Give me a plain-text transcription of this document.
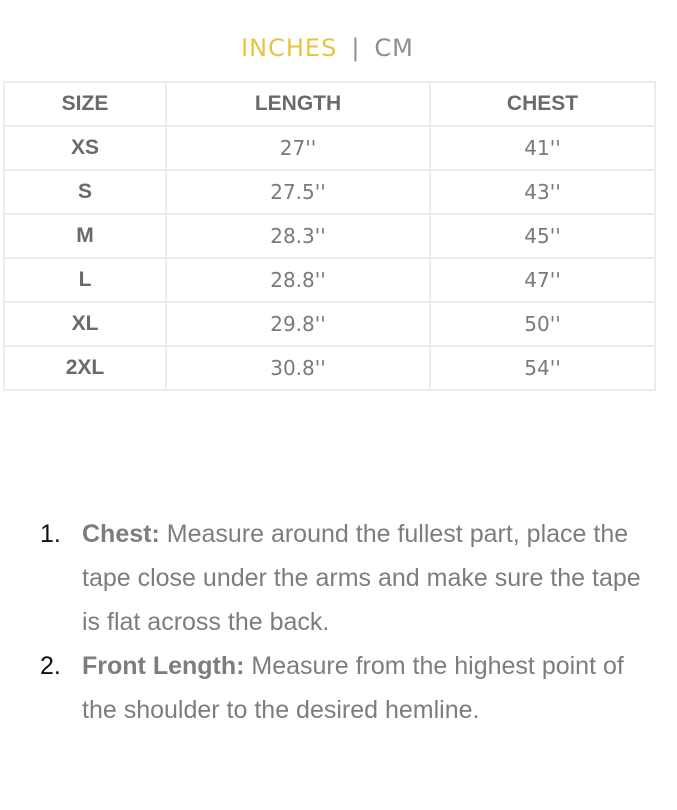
INCHES | CM
SIZE	LENGTH	CHEST
XS	27''	41''
S	27.5''	43''
M	28.3''	45''
L	28.8''	47''
XL	29.8''	50''
2XL	30.8''	54''
1. Chest: Measure around the fullest part, place the tape close under the arms and make sure the tape is flat across the back.
2. Front Length: Measure from the highest point of the shoulder to the desired hemline.
